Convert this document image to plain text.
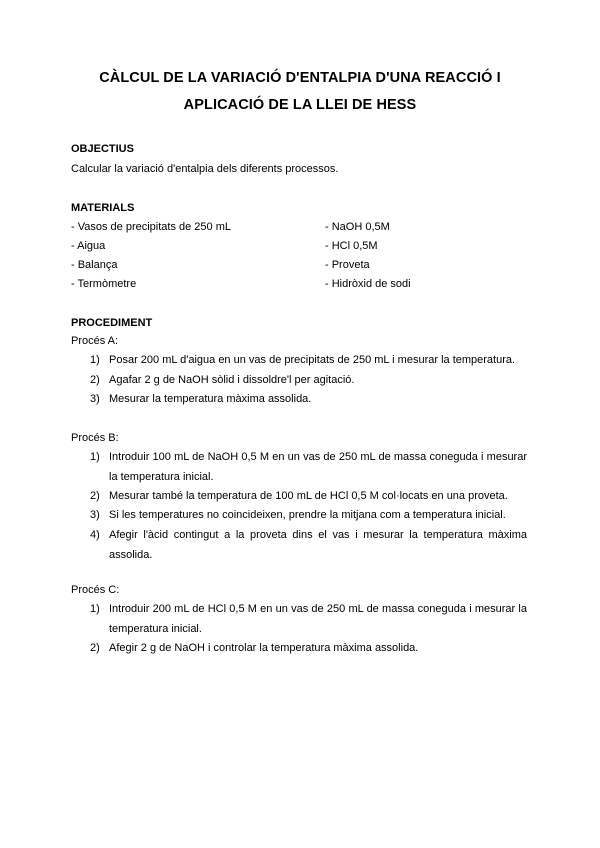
CÀLCUL DE LA VARIACIÓ D'ENTALPIA D'UNA REACCIÓ I
APLICACIÓ DE LA LLEI DE HESS
OBJECTIUS
Calcular la variació d'entalpia dels diferents processos.
MATERIALS
- Vasos de precipitats de 250 mL
- Aigua
- Balança
- Termòmetre
- NaOH 0,5M
- HCl 0,5M
- Proveta
- Hidròxid de sodi
PROCEDIMENT
Procés A:
1) Posar 200 mL d'aigua en un vas de precipitats de 250 mL i mesurar la temperatura.
2) Agafar 2 g de NaOH sòlid i dissoldre'l per agitació.
3) Mesurar la temperatura màxima assolida.
Procés B:
1) Introduir 100 mL de NaOH 0,5 M en un vas de 250 mL de massa coneguda i mesurar la temperatura inicial.
2) Mesurar també la temperatura de 100 mL de HCl 0,5 M col·locats en una proveta.
3) Si les temperatures no coincideixen, prendre la mitjana com a temperatura inicial.
4) Afegir l'àcid contingut a la proveta dins el vas i mesurar la temperatura màxima assolida.
Procés C:
1) Introduir 200 mL de HCl 0,5 M en un vas de 250 mL de massa coneguda i mesurar la temperatura inicial.
2) Afegir 2 g de NaOH i controlar la temperatura màxima assolida.
